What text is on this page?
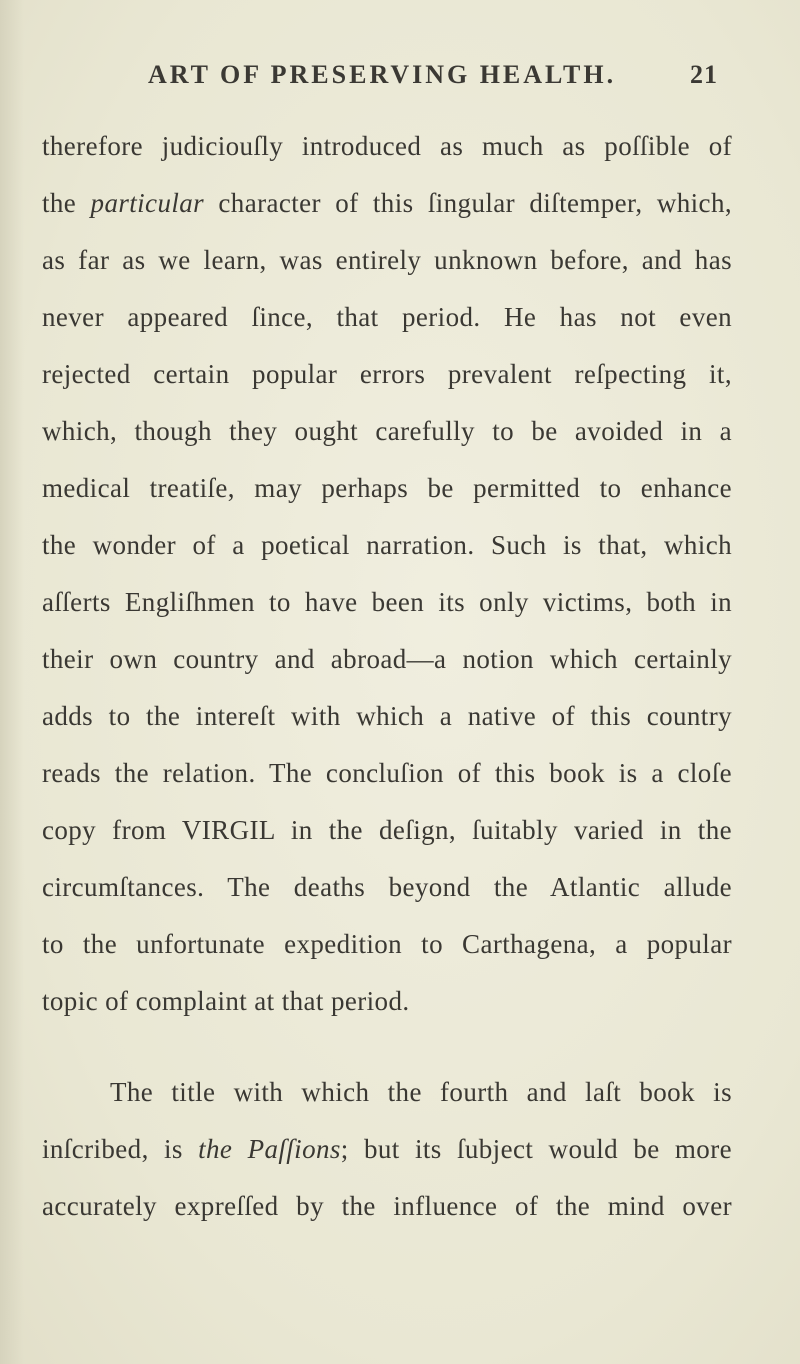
ART OF PRESERVING HEALTH.	21
therefore judiciouſly introduced as much as poſſible of
the particular character of this ſingular diſtemper, which,
as far as we learn, was entirely unknown before, and has
never appeared ſince, that period. He has not even
rejected certain popular errors prevalent reſpecting it,
which, though they ought carefully to be avoided in a
medical treatiſe, may perhaps be permitted to enhance
the wonder of a poetical narration. Such is that, which
aſſerts Engliſhmen to have been its only victims, both in
their own country and abroad—a notion which certainly
adds to the intereſt with which a native of this country
reads the relation. The concluſion of this book is a cloſe
copy from VIRGIL in the deſign, ſuitably varied in the
circumſtances. The deaths beyond the Atlantic allude
to the unfortunate expedition to Carthagena, a popular
topic of complaint at that period.
The title with which the fourth and laſt book is
inſcribed, is the Paſſions; but its ſubject would be more
accurately expreſſed by the influence of the mind over
